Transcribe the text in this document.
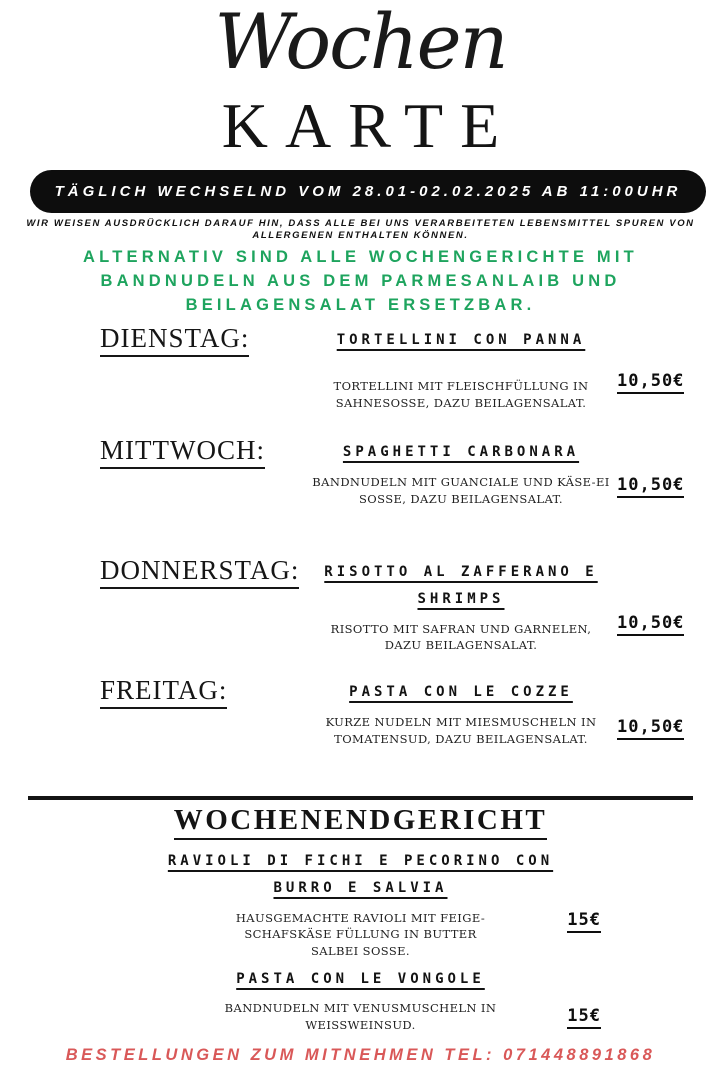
Wochen
KARTE
TÄGLICH WECHSELND VOM 28.01-02.02.2025 AB 11:00UHR
WIR WEISEN AUSDRÜCKLICH DARAUF HIN, DASS ALLE BEI UNS VERARBEITETEN LEBENSMITTEL SPUREN VON ALLERGENEN ENTHALTEN KÖNNEN.
ALTERNATIV SIND ALLE WOCHENGERICHTE MIT BANDNUDELN AUS DEM PARMESANLAIB UND BEILAGENSALAT ERSETZBAR.
DIENSTAG:	TORTELLINI CON PANNA
TORTELLINI MIT FLEISCHFÜLLUNG IN SAHNESOSSE, DAZU BEILAGENSALAT.
10,50€
MITTWOCH:	SPAGHETTI CARBONARA
BANDNUDELN MIT GUANCIALE UND KÄSE-EI SOSSE, DAZU BEILAGENSALAT.
10,50€
DONNERSTAG:	RISOTTO AL ZAFFERANO E SHRIMPS
RISOTTO MIT SAFRAN UND GARNELEN, DAZU BEILAGENSALAT.
10,50€
FREITAG:	PASTA CON LE COZZE
KURZE NUDELN MIT MIESMUSCHELN IN TOMATENSUD, DAZU BEILAGENSALAT.
10,50€
WOCHENENDGERICHT
RAVIOLI DI FICHI E PECORINO CON BURRO E SALVIA
HAUSGEMACHTE RAVIOLI MIT FEIGE- SCHAFSKÄSE FÜLLUNG IN BUTTER SALBEI SOSSE.
15€
PASTA CON LE VONGOLE
BANDNUDELN MIT VENUSMUSCHELN IN WEISSWEINSUD.	15€
BESTELLUNGEN ZUM MITNEHMEN TEL: 071448891868
